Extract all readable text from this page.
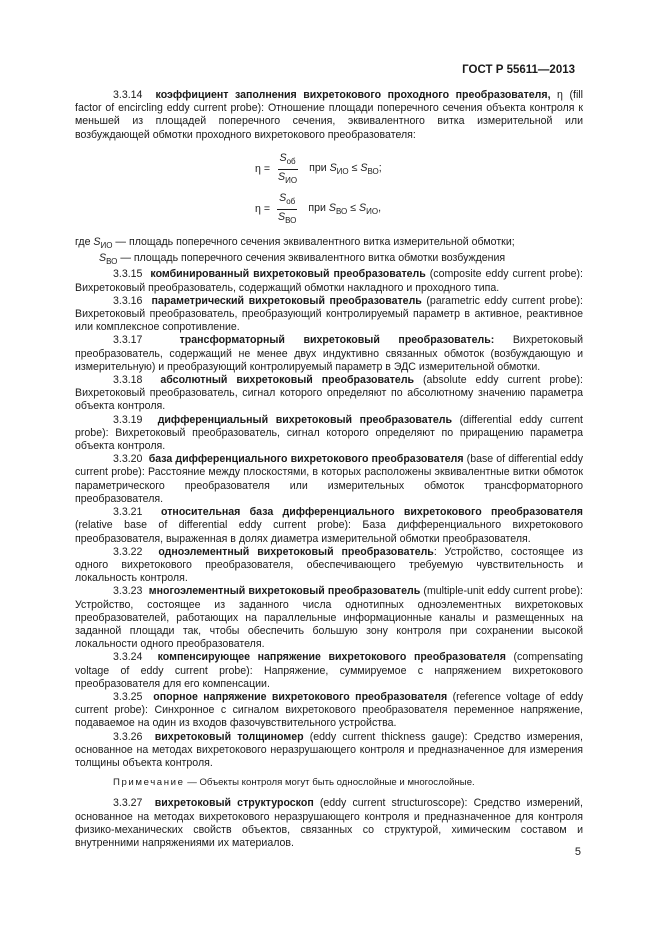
ГОСТ Р 55611—2013

3.3.14 коэффициент заполнения вихретокового проходного преобразователя, η (fill factor of encircling eddy current probe): Отношение площади поперечного сечения объекта контроля к меньшей из площадей поперечного сечения, эквивалентного витка измерительной или возбуждающей обмотки проходного вихретокового преобразователя:

$\eta = \frac{S_{об}}{S_{ИО}}$ при $S_{ИО} \le S_{ВО}$;
$\eta = \frac{S_{об}}{S_{ВО}}$ при $S_{ВО} \le S_{ИО}$,
где $S_{ИО}$ — площадь поперечного сечения эквивалентного витка измерительной обмотки;
$S_{ВО}$ — площадь поперечного сечения эквивалентного витка обмотки возбуждения

3.3.15 комбинированный вихретоковый преобразователь (composite eddy current probe): Вихретоковый преобразователь, содержащий обмотки накладного и проходного типа.

3.3.16 параметрический вихретоковый преобразователь (parametric eddy current probe): Вихретоковый преобразователь, преобразующий контролируемый параметр в активное, реактивное или комплексное сопротивление.

3.3.17	трансформаторный вихретоковый преобразователь: Вихретоковый преобразователь, содержащий не менее двух индуктивно связанных обмоток (возбуждающую и измерительную) и преобразующий контролируемый параметр в ЭДС измерительной обмотки.

3.3.18 абсолютный вихретоковый преобразователь (absolute eddy current probe): Вихретоковый преобразователь, сигнал которого определяют по абсолютному значению параметра объекта контроля.

3.3.19 дифференциальный вихретоковый преобразователь (differential eddy current probe): Вихретоковый преобразователь, сигнал которого определяют по приращению параметра объекта контроля.

3.3.20 база дифференциального вихретокового преобразователя (base of differential eddy current probe): Расстояние между плоскостями, в которых расположены эквивалентные витки обмоток параметрического преобразователя или измерительных обмоток трансформаторного преобразователя.

3.3.21 относительная база дифференциального вихретокового преобразователя (relative base of differential eddy current probe): База дифференциального вихретокового преобразователя, выраженная в долях диаметра измерительной обмотки преобразователя.

3.3.22 одноэлементный вихретоковый преобразователь: Устройство, состоящее из одного вихретокового преобразователя, обеспечивающего требуемую чувствительность и локальность контроля.

3.3.23 многоэлементный вихретоковый преобразователь (multiple-unit eddy current probe): Устройство, состоящее из заданного числа однотипных одноэлементных вихретоковых преобразователей, работающих на параллельные информационные каналы и размещенных на заданной площади так, чтобы обеспечить большую зону контроля при сохранении высокой локальности одного преобразователя.

3.3.24 компенсирующее напряжение вихретокового преобразователя (compensating voltage of eddy current probe): Напряжение, суммируемое с напряжением вихретокового преобразователя для его компенсации.

3.3.25 опорное напряжение вихретокового преобразователя (reference voltage of eddy current probe): Синхронное с сигналом вихретокового преобразователя переменное напряжение, подаваемое на один из входов фазочувствительного устройства.

3.3.26 вихретоковый толщиномер (eddy current thickness gauge): Средство измерения, основанное на методах вихретокового неразрушающего контроля и предназначенное для измерения толщины объекта контроля.

Примечание — Объекты контроля могут быть однослойные и многослойные.

3.3.27 вихретоковый структуроскоп (eddy current structuroscope): Средство измерений, основанное на методах вихретокового неразрушающего контроля и предназначенное для контроля физико-механических свойств объектов, связанных со структурой, химическим составом и внутренними напряжениями их материалов.

5
